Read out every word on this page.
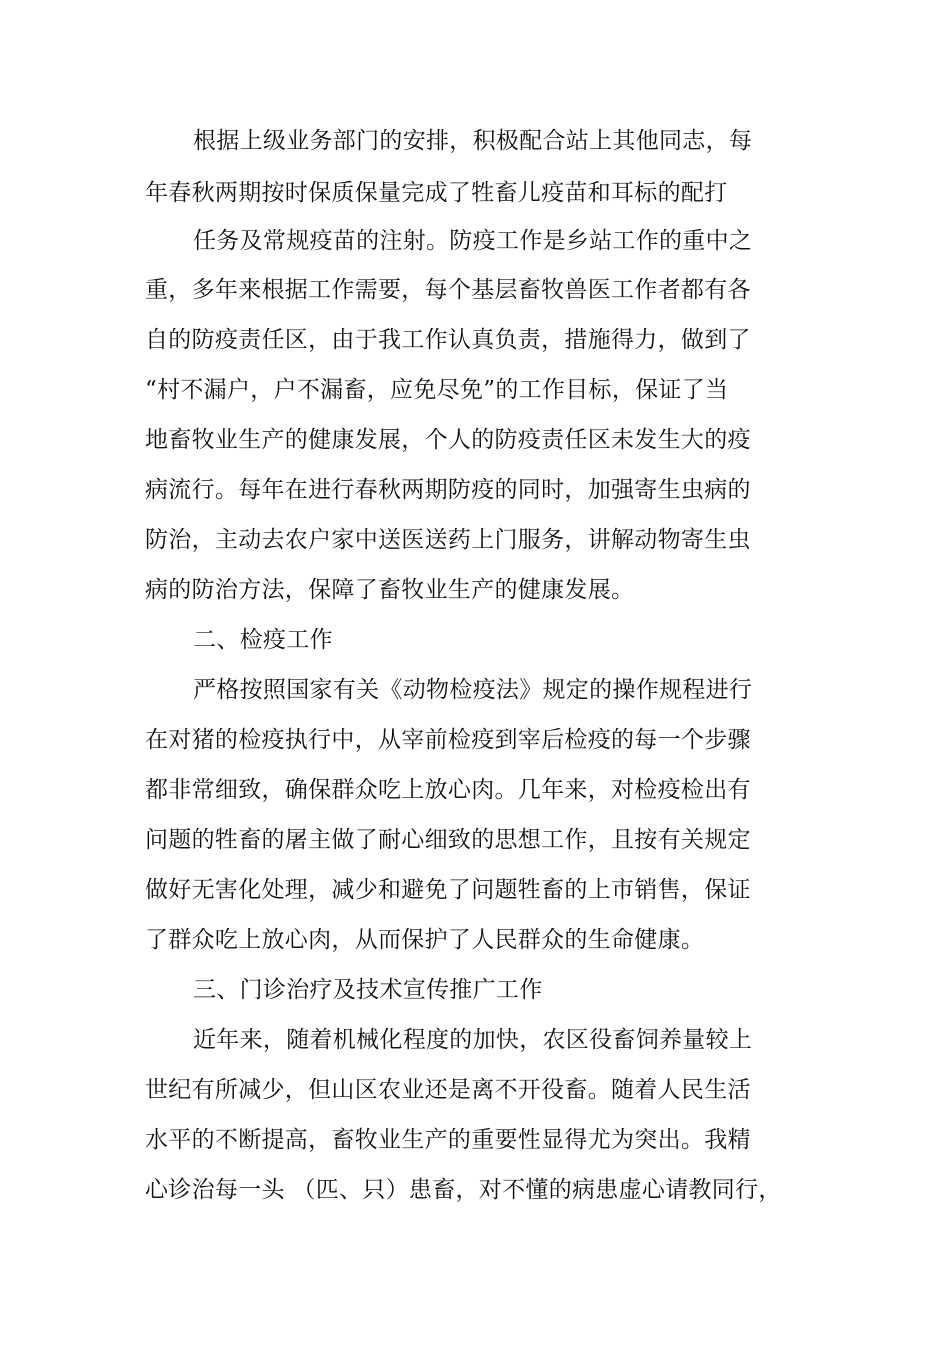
根据上级业务部门的安排，积极配合站上其他同志，每
年春秋两期按时保质保量完成了牲畜儿疫苗和耳标的配打
任务及常规疫苗的注射。防疫工作是乡站工作的重中之
重，多年来根据工作需要，每个基层畜牧兽医工作者都有各
自的防疫责任区，由于我工作认真负责，措施得力，做到了
“村不漏户，户不漏畜，应免尽免”的工作目标，保证了当
地畜牧业生产的健康发展，个人的防疫责任区未发生大的疫
病流行。每年在进行春秋两期防疫的同时，加强寄生虫病的
防治，主动去农户家中送医送药上门服务，讲解动物寄生虫
病的防治方法，保障了畜牧业生产的健康发展。
二、检疫工作
严格按照国家有关《动物检疫法》规定的操作规程进行
在对猪的检疫执行中，从宰前检疫到宰后检疫的每一个步骤
都非常细致，确保群众吃上放心肉。几年来，对检疫检出有
问题的牲畜的屠主做了耐心细致的思想工作，且按有关规定
做好无害化处理，减少和避免了问题牲畜的上市销售，保证
了群众吃上放心肉，从而保护了人民群众的生命健康。
三、门诊治疗及技术宣传推广工作
近年来，随着机械化程度的加快，农区役畜饲养量较上
世纪有所减少，但山区农业还是离不开役畜。随着人民生活
水平的不断提高，畜牧业生产的重要性显得尤为突出。我精
心诊治每一头 （匹、只）患畜，对不懂的病患虚心请教同行，
